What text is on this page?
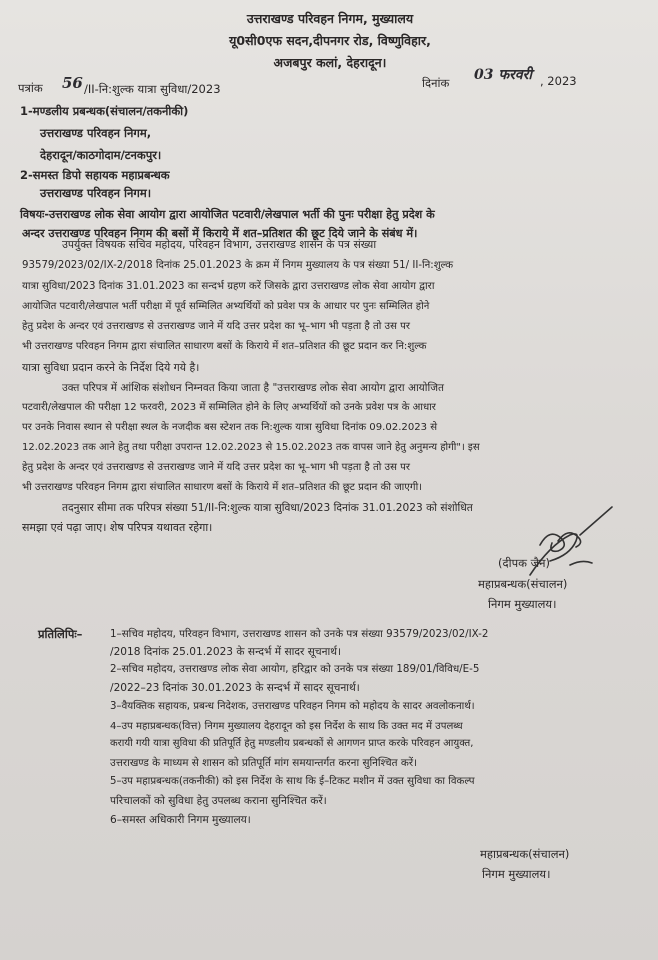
उत्तराखण्ड परिवहन निगम, मुख्यालय
यू0सी0एफ सदन,दीपनगर रोड, विष्णुविहार,
अजबपुर कलां, देहरादून।
पत्रांक 56 /II-नि:शुल्क यात्रा सुविधा/2023	दिनांक 03 फरवरी , 2023
1-मण्डलीय प्रबन्धक(संचालन/तकनीकी)
उत्तराखण्ड परिवहन निगम,
देहरादून/काठगोदाम/टनकपुर।
2-समस्त डिपो सहायक महाप्रबन्धक
उत्तराखण्ड परिवहन निगम।
विषयः-उत्तराखण्ड लोक सेवा आयोग द्वारा आयोजित पटवारी/लेखपाल भर्ती की पुनः परीक्षा हेतु प्रदेश के
अन्दर उत्तराखण्ड परिवहन निगम की बसों में किराये में शत–प्रतिशत की छूट दिये जाने के संबंध में।
उपर्युक्त विषयक सचिव महोदय, परिवहन विभाग, उत्तराखण्ड शासन के पत्र संख्या
93579/2023/02/IX-2/2018 दिनांक 25.01.2023 के क्रम में निगम मुख्यालय के पत्र संख्या 51/ II-नि:शुल्क
यात्रा सुविधा/2023 दिनांक 31.01.2023 का सन्दर्भ ग्रहण करें जिसके द्वारा उत्तराखण्ड लोक सेवा आयोग द्वारा
आयोजित पटवारी/लेखपाल भर्ती परीक्षा में पूर्व सम्मिलित अभ्यर्थियों को प्रवेश पत्र के आधार पर पुनः सम्मिलित होने
हेतु प्रदेश के अन्दर एवं उत्तराखण्ड से उत्तराखण्ड जाने में यदि उत्तर प्रदेश का भू–भाग भी पड़ता है तो उस पर
भी उत्तराखण्ड परिवहन निगम द्वारा संचालित साधारण बसों के किराये में शत–प्रतिशत की छूट प्रदान कर नि:शुल्क
यात्रा सुविधा प्रदान करने के निर्देश दिये गये है।
उक्त परिपत्र में आंशिक संशोधन निम्नवत किया जाता है "उत्तराखण्ड लोक सेवा आयोग द्वारा आयोजित
पटवारी/लेखपाल की परीक्षा 12 फरवरी, 2023 में सम्मिलित होने के लिए अभ्यर्थियों को उनके प्रवेश पत्र के आधार
पर उनके निवास स्थान से परीक्षा स्थल के नजदीक बस स्टेशन तक नि:शुल्क यात्रा सुविधा दिनांक 09.02.2023 से
12.02.2023 तक आने हेतु तथा परीक्षा उपरान्त 12.02.2023 से 15.02.2023 तक वापस जाने हेतु अनुमन्य होगी"। इस
हेतु प्रदेश के अन्दर एवं उत्तराखण्ड से उत्तराखण्ड जाने में यदि उत्तर प्रदेश का भू–भाग भी पड़ता है तो उस पर
भी उत्तराखण्ड परिवहन निगम द्वारा संचालित साधारण बसों के किराये में शत–प्रतिशत की छूट प्रदान की जाएगी।
तदनुसार सीमा तक परिपत्र संख्या 51/II-नि:शुल्क यात्रा सुविधा/2023 दिनांक 31.01.2023 को संशोधित
समझा एवं पढ़ा जाए। शेष परिपत्र यथावत रहेगा।
(दीपक जैन)
महाप्रबन्धक(संचालन)
निगम मुख्यालय।
प्रतिलिपिः–	1–सचिव महोदय, परिवहन विभाग, उत्तराखण्ड शासन को उनके पत्र संख्या 93579/2023/02/IX-2
/2018 दिनांक 25.01.2023 के सन्दर्भ में सादर सूचनार्थ।
2–सचिव महोदय, उत्तराखण्ड लोक सेवा आयोग, हरिद्वार को उनके पत्र संख्या 189/01/विविध/E-5
/2022–23 दिनांक 30.01.2023 के सन्दर्भ में सादर सूचनार्थ।
3–वैयक्तिक सहायक, प्रबन्ध निदेशक, उत्तराखण्ड परिवहन निगम को महोदय के सादर अवलोकनार्थ।
4–उप महाप्रबन्धक(वित्त) निगम मुख्यालय देहरादून को इस निर्देश के साथ कि उक्त मद में उपलब्ध
करायी गयी यात्रा सुविधा की प्रतिपूर्ति हेतु मण्डलीय प्रबन्धकों से आगणन प्राप्त करके परिवहन आयुक्त,
उत्तराखण्ड के माध्यम से शासन को प्रतिपूर्ति मांग समयान्तर्गत करना सुनिश्चित करें।
5–उप महाप्रबन्धक(तकनीकी) को इस निर्देश के साथ कि ई–टिकट मशीन में उक्त सुविधा का विकल्प
परिचालकों को सुविधा हेतु उपलब्ध कराना सुनिश्चित करें।
6–समस्त अधिकारी निगम मुख्यालय।
महाप्रबन्धक(संचालन)
निगम मुख्यालय।
